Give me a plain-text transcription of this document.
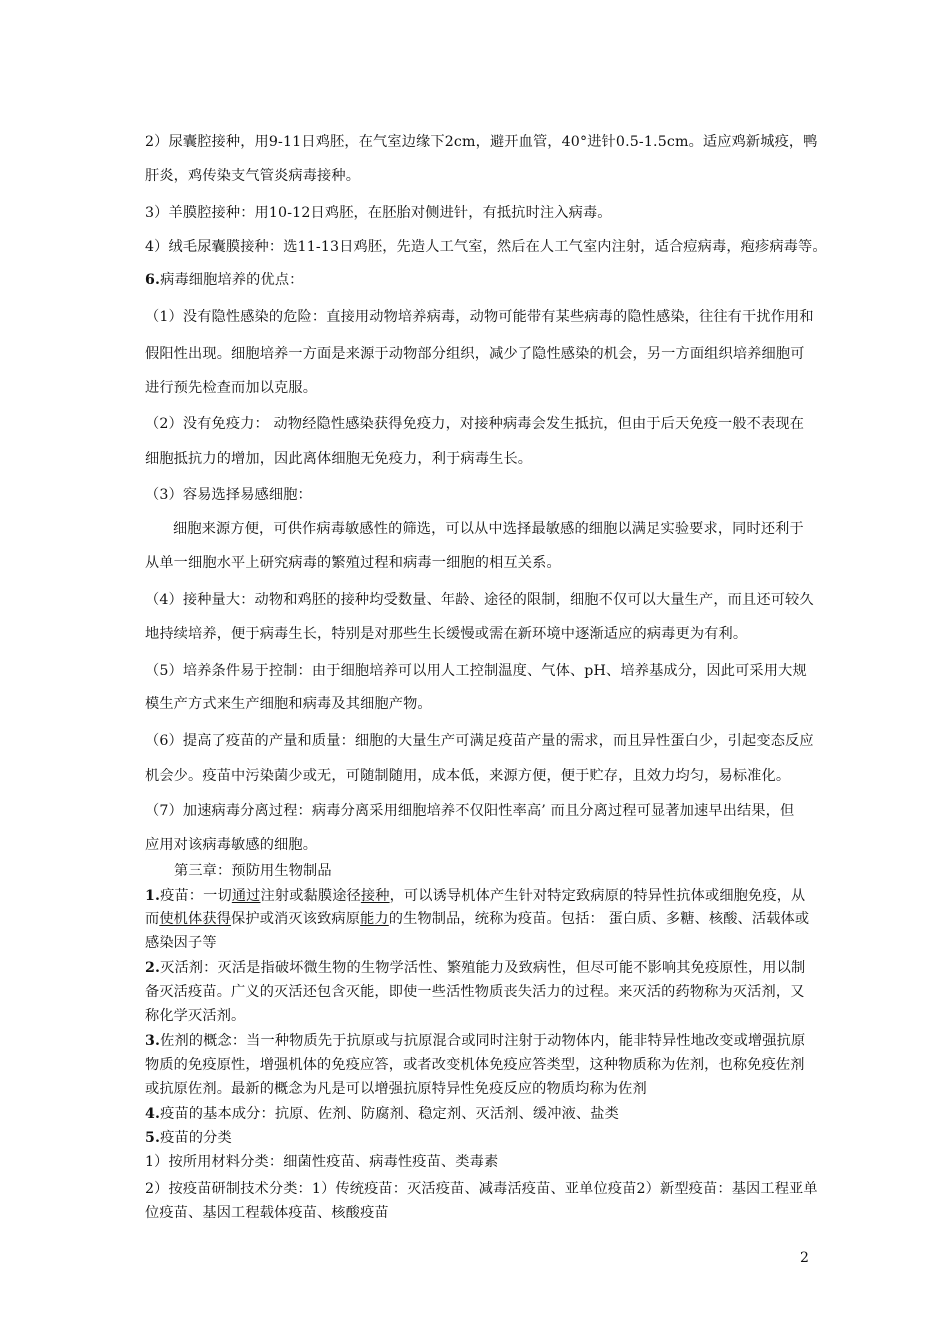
2）尿囊腔接种，用9-11日鸡胚，在气室边缘下2cm，避开血管，40°进针0.5-1.5cm。适应鸡新城疫，鸭
肝炎，鸡传染支气管炎病毒接种。
3）羊膜腔接种：用10-12日鸡胚，在胚胎对侧进针，有抵抗时注入病毒。
4）绒毛尿囊膜接种：选11-13日鸡胚，先造人工气室，然后在人工气室内注射，适合痘病毒，疱疹病毒等。
6.病毒细胞培养的优点：
（1）没有隐性感染的危险：直接用动物培养病毒，动物可能带有某些病毒的隐性感染，往往有干扰作用和
假阳性出现。细胞培养一方面是来源于动物部分组织，减少了隐性感染的机会，另一方面组织培养细胞可
进行预先检查而加以克服。
（2）没有免疫力： 动物经隐性感染获得免疫力，对接种病毒会发生抵抗，但由于后天免疫一般不表现在
细胞抵抗力的增加，因此离体细胞无免疫力，利于病毒生长。
（3）容易选择易感细胞：
细胞来源方便，可供作病毒敏感性的筛选，可以从中选择最敏感的细胞以满足实验要求，同时还利于
从单一细胞水平上研究病毒的繁殖过程和病毒一细胞的相互关系。
（4）接种量大：动物和鸡胚的接种均受数量、年龄、途径的限制，细胞不仅可以大量生产，而且还可较久
地持续培养，便于病毒生长，特别是对那些生长缓慢或需在新环境中逐渐适应的病毒更为有利。
（5）培养条件易于控制：由于细胞培养可以用人工控制温度、气体、pH、培养基成分，因此可采用大规
模生产方式来生产细胞和病毒及其细胞产物。
（6）提高了疫苗的产量和质量：细胞的大量生产可满足疫苗产量的需求，而且异性蛋白少，引起变态反应
机会少。疫苗中污染菌少或无，可随制随用，成本低，来源方便，便于贮存，且效力均匀，易标准化。
（7）加速病毒分离过程：病毒分离采用细胞培养不仅阳性率高’ 而且分离过程可显著加速早出结果，但
应用对该病毒敏感的细胞。
第三章：预防用生物制品
1.疫苗：一切通过注射或黏膜途径接种，可以诱导机体产生针对特定致病原的特异性抗体或细胞免疫，从
而使机体获得保护或消灭该致病原能力的生物制品，统称为疫苗。包括： 蛋白质、多糖、核酸、活载体或
感染因子等
2.灭活剂：灭活是指破坏微生物的生物学活性、繁殖能力及致病性，但尽可能不影响其免疫原性，用以制
备灭活疫苗。广义的灭活还包含灭能，即使一些活性物质丧失活力的过程。来灭活的药物称为灭活剂，又
称化学灭活剂。
3.佐剂的概念：当一种物质先于抗原或与抗原混合或同时注射于动物体内，能非特异性地改变或增强抗原
物质的免疫原性，增强机体的免疫应答，或者改变机体免疫应答类型，这种物质称为佐剂，也称免疫佐剂
或抗原佐剂。最新的概念为凡是可以增强抗原特异性免疫反应的物质均称为佐剂
4.疫苗的基本成分：抗原、佐剂、防腐剂、稳定剂、灭活剂、缓冲液、盐类
5.疫苗的分类
1）按所用材料分类：细菌性疫苗、病毒性疫苗、类毒素
2）按疫苗研制技术分类：1）传统疫苗：灭活疫苗、减毒活疫苗、亚单位疫苗2）新型疫苗：基因工程亚单
位疫苗、基因工程载体疫苗、核酸疫苗
2
